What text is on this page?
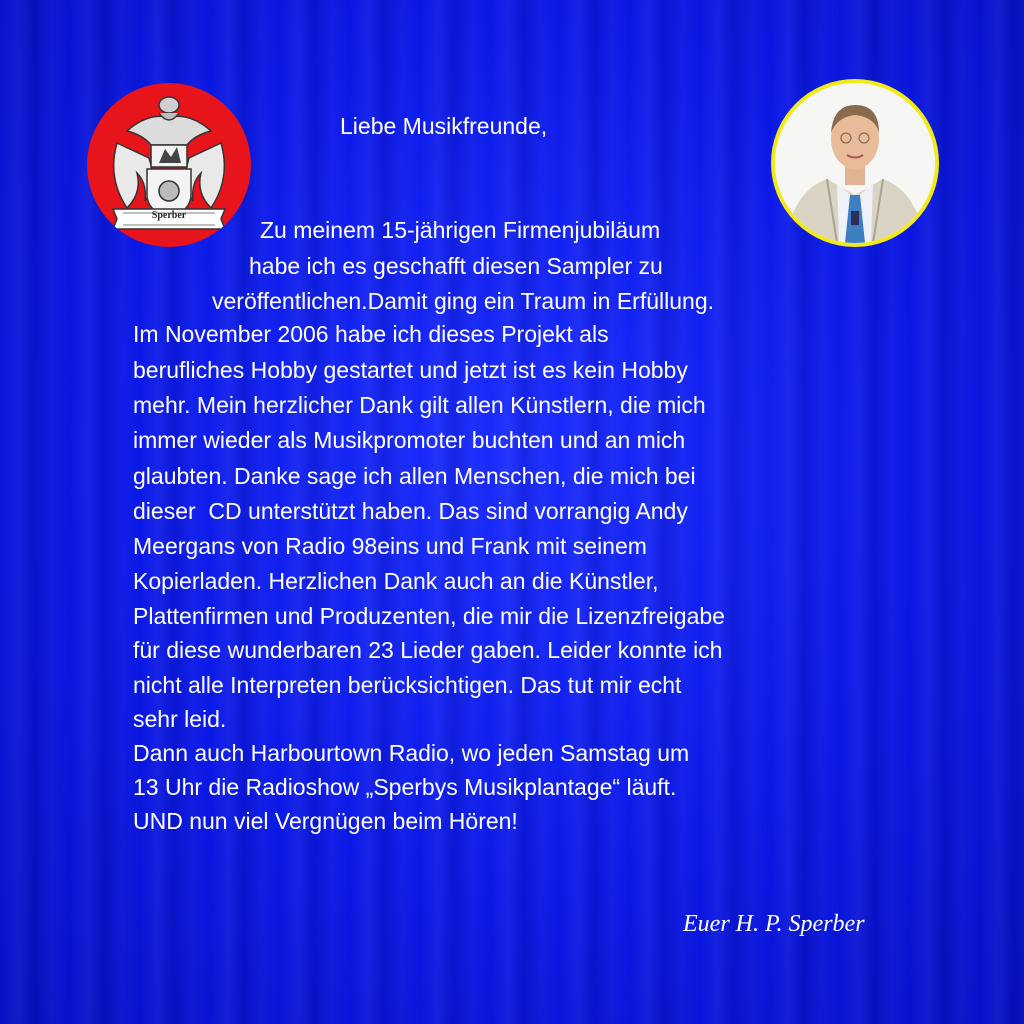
Sperber
Liebe Musikfreunde,

Zu meinem 15-jährigen Firmenjubiläum

habe ich es geschafft diesen Sampler zu

veröffentlichen.Damit ging ein Traum in Erfüllung.

Im November 2006 habe ich dieses Projekt als

berufliches Hobby gestartet und jetzt ist es kein Hobby

mehr. Mein herzlicher Dank gilt allen Künstlern, die mich

immer wieder als Musikpromoter buchten und an mich

glaubten. Danke sage ich allen Menschen, die mich bei

dieser  CD unterstützt haben. Das sind vorrangig Andy

Meergans von Radio 98eins und Frank mit seinem

Kopierladen. Herzlichen Dank auch an die Künstler,

Plattenfirmen und Produzenten, die mir die Lizenzfreigabe

für diese wunderbaren 23 Lieder gaben. Leider konnte ich

nicht alle Interpreten berücksichtigen. Das tut mir echt

sehr leid.

Dann auch Harbourtown Radio, wo jeden Samstag um

13 Uhr die Radioshow „Sperbys Musikplantage“ läuft.

UND nun viel Vergnügen beim Hören!

Euer H. P. Sperber
